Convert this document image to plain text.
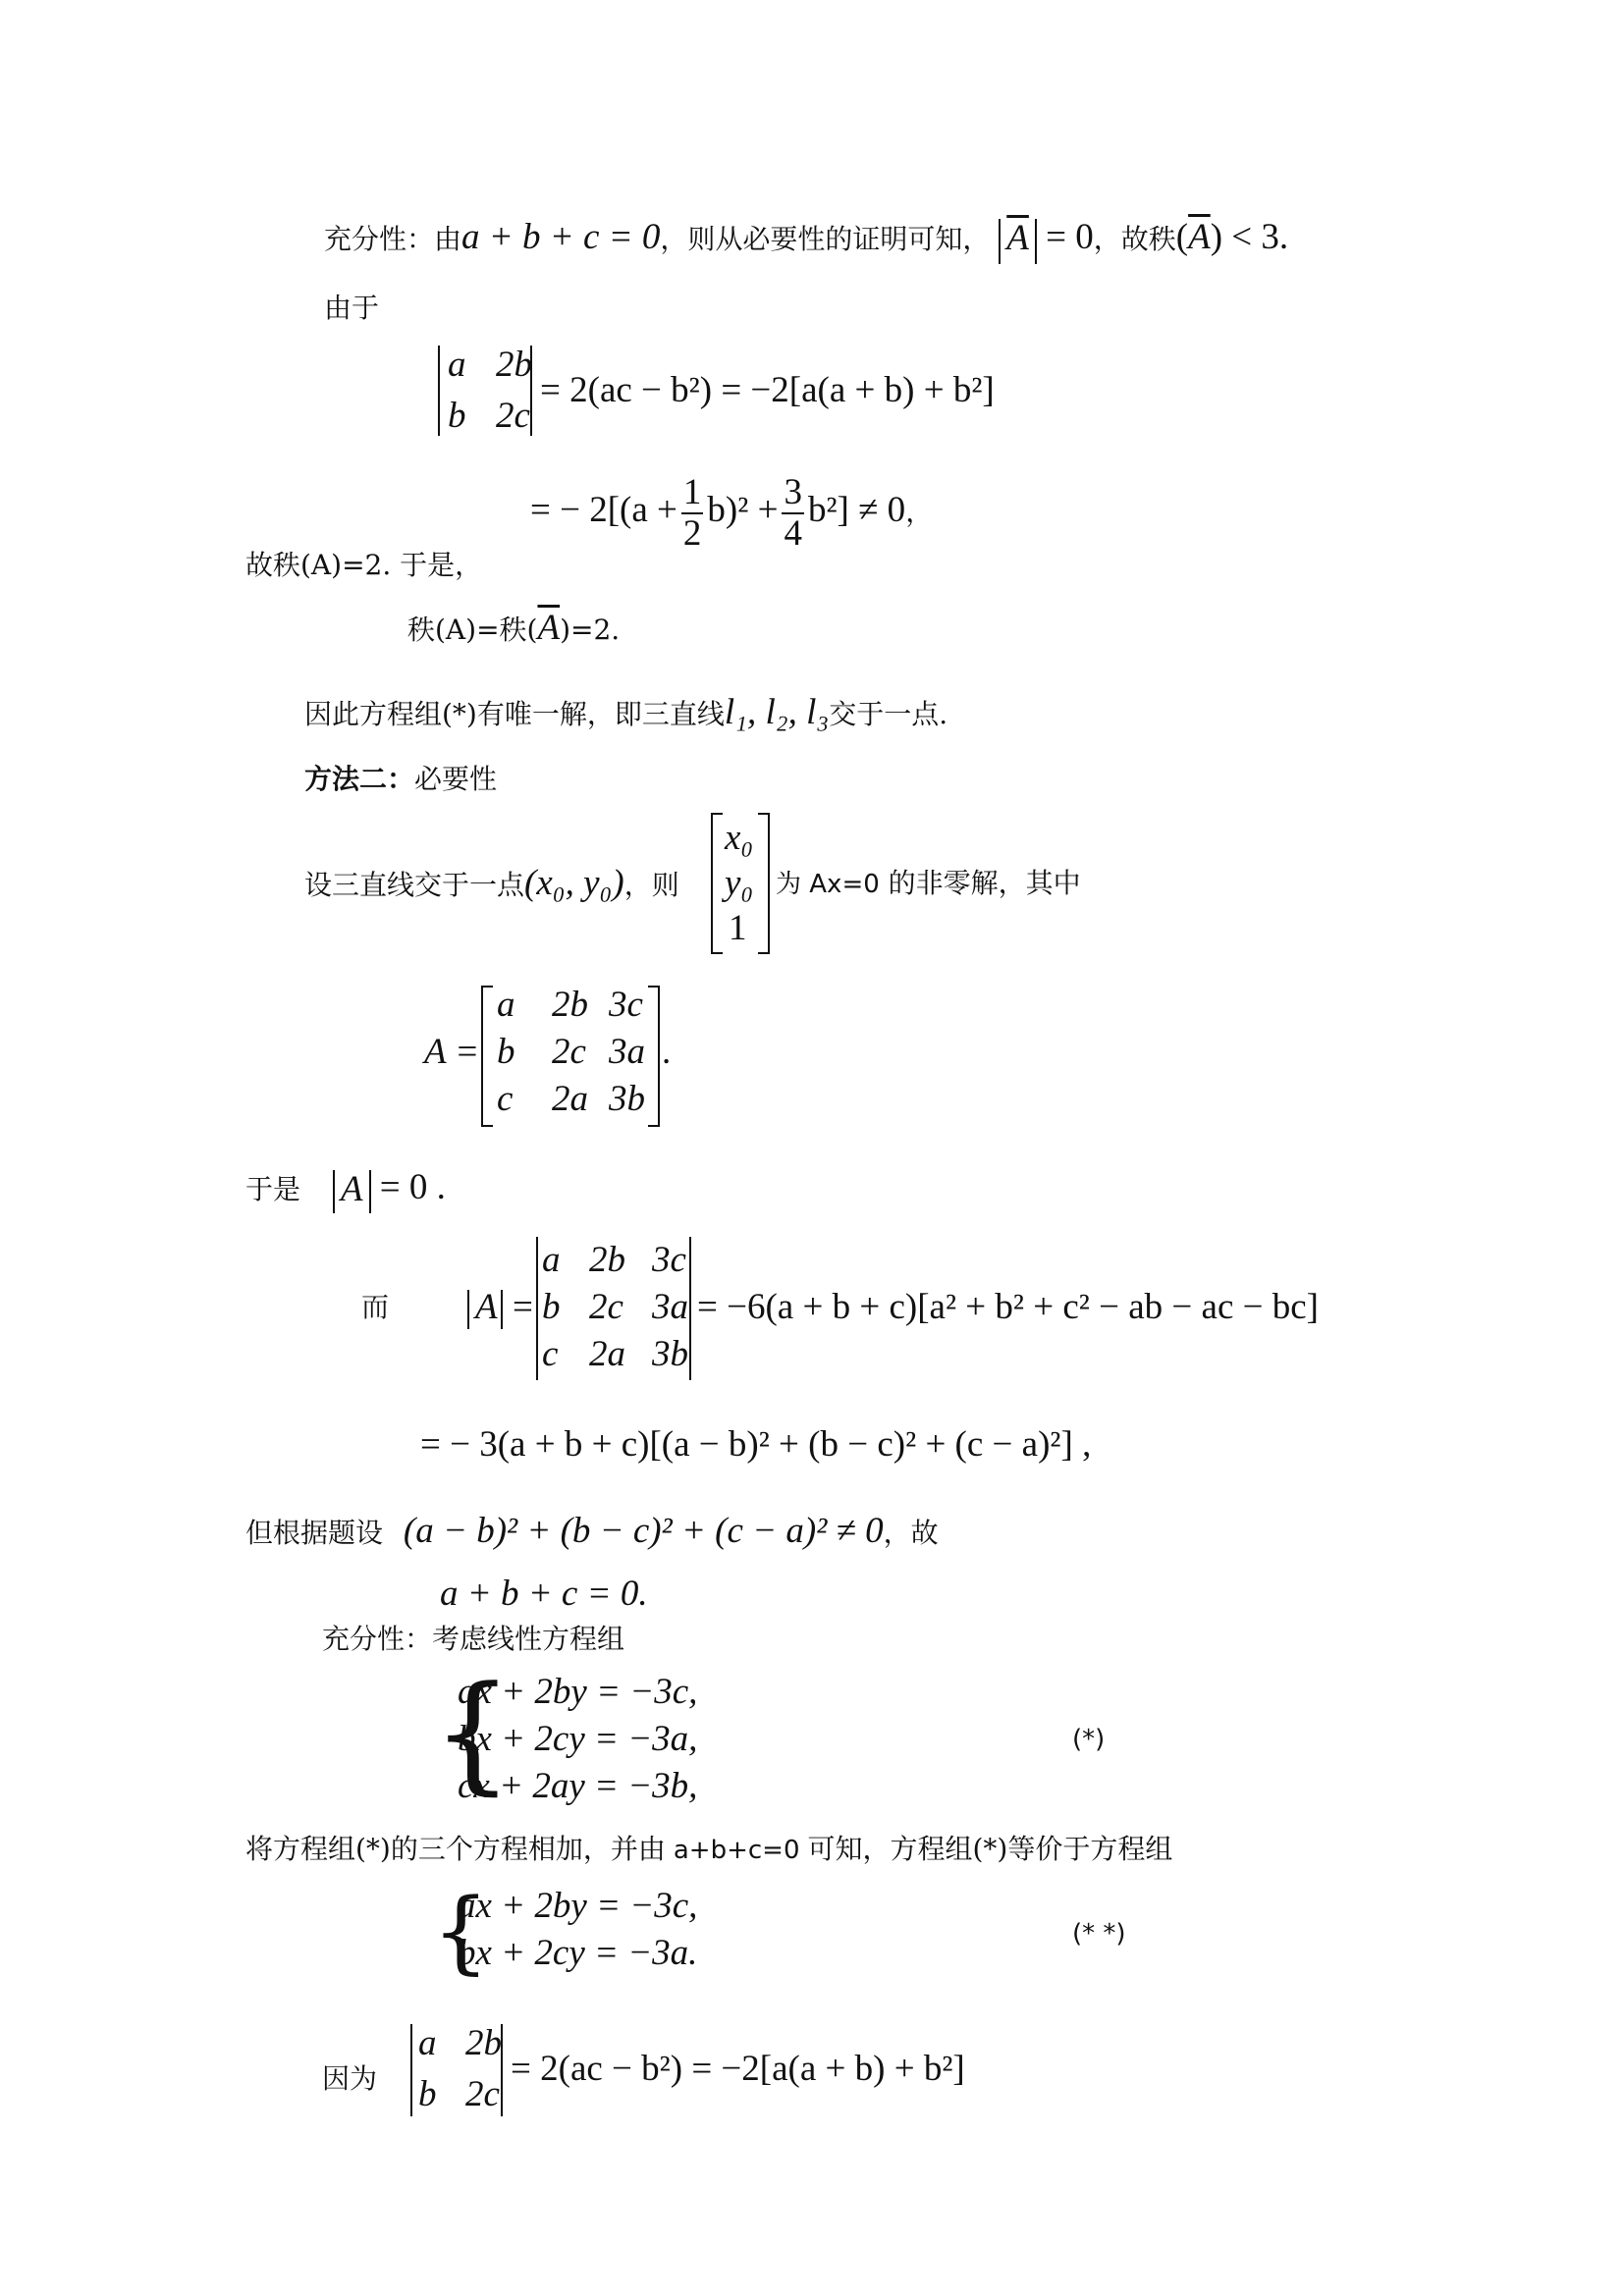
充分性：由a + b + c = 0，则从必要性的证明可知， $\overline{A} = 0$，故秩$(\overline{A}) < 3$.
由于
a 2b
b 2c
= 2(ac − b²) = −2[a(a + b) + b²]
= − $2[(a + \frac{1}{2} b)^2 + \frac{3}{4} b^2] \ne 0$，
故秩(A)=2. 于是，
秩(A)=秩$(\overline{A})=2$.
因此方程组(*)有唯一解，即三直线l₁, l₂, l₃交于一点.
方法二：必要性
设三直线交于一点(x₀, y₀)，则
x₀
y₀
1
为 Ax=0 的非零解，其中
A =
a 2b 3c
b 2c 3a
c 2a 3b
.
于是 A = 0 .
而 A =
a 2b 3c
b 2c 3a
c 2a 3b
= −6(a + b + c)[a² + b² + c² − ab − ac − bc]
= − 3(a + b + c)[(a − b)² + (b − c)² + (c − a)²] ,
但根据题设 (a − b)² + (b − c)² + (c − a)² ≠ 0，故
a + b + c = 0.
充分性：考虑线性方程组
{
ax + 2by = −3c,
bx + 2cy = −3a,
cx + 2ay = −3b,
(*)
将方程组(*)的三个方程相加，并由 a+b+c=0 可知，方程组(*)等价于方程组
{
ax + 2by = −3c,
bx + 2cy = −3a.	(* *)
因为
a 2b
b 2c
= 2(ac − b²) = −2[a(a + b) + b²]
